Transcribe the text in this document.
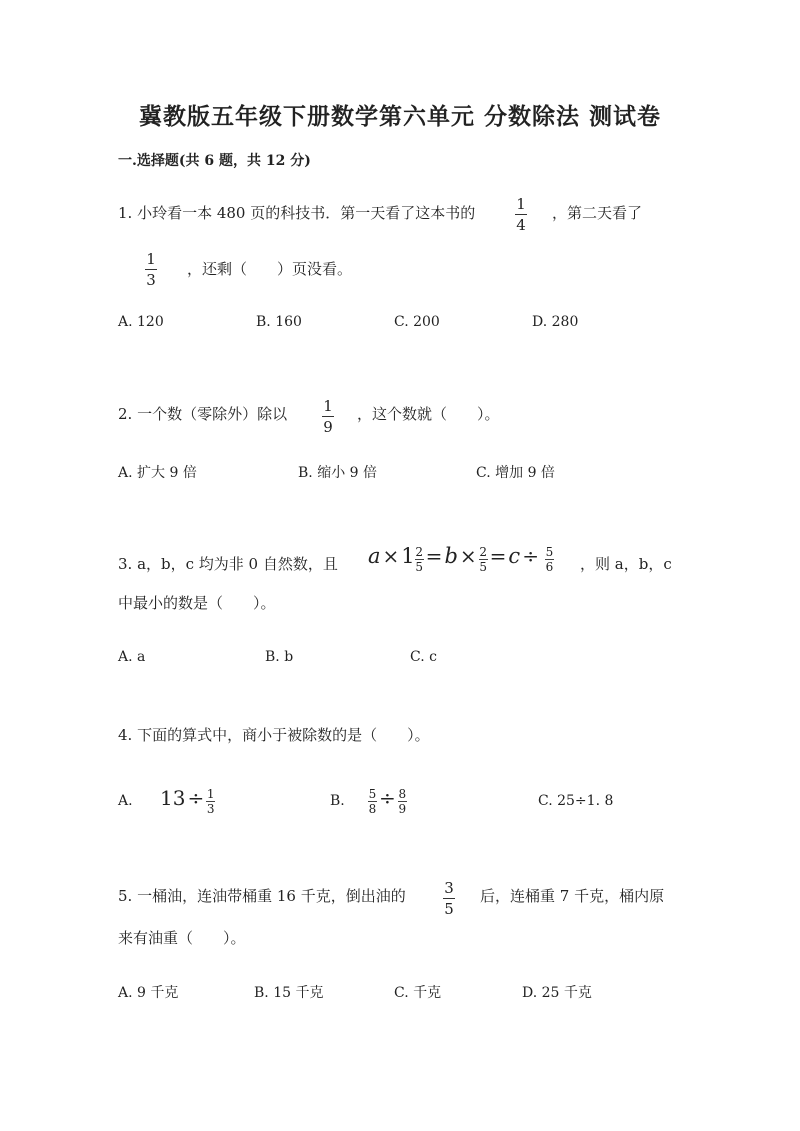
冀教版五年级下册数学第六单元 分数除法 测试卷
一.选择题(共 6 题，共 12 分)
1. 小玲看一本 480 页的科技书．第一天看了这本书的	1
4
，第二天看了
1
3
，还剩（　　）页没看。
A. 120	B. 160	C. 200	D. 280
2. 一个数（零除外）除以 1
9
，这个数就（　　）。
A. 扩大 9 倍	B. 缩小 9 倍	C. 增加 9 倍
3. a，b，c 均为非 0 自然数，且 $a \times 1 \frac{2}{5} =b \times \frac{2}{5} =c \div \frac{5}{6}$ ，则 a，b，c
中最小的数是（　　）。
A. a	B. b	C. c
4. 下面的算式中，商小于被除数的是（　　）。
A. $13 \div \frac{1}{3}$	B. $\frac{5}{8} \div \frac{8}{9}$	C. 25÷1. 8
5. 一桶油，连油带桶重 16 千克，倒出油的	3
5
后，连桶重 7 千克，桶内原
来有油重（　　）。
A. 9 千克	B. 15 千克	C. 千克	D. 25 千克
